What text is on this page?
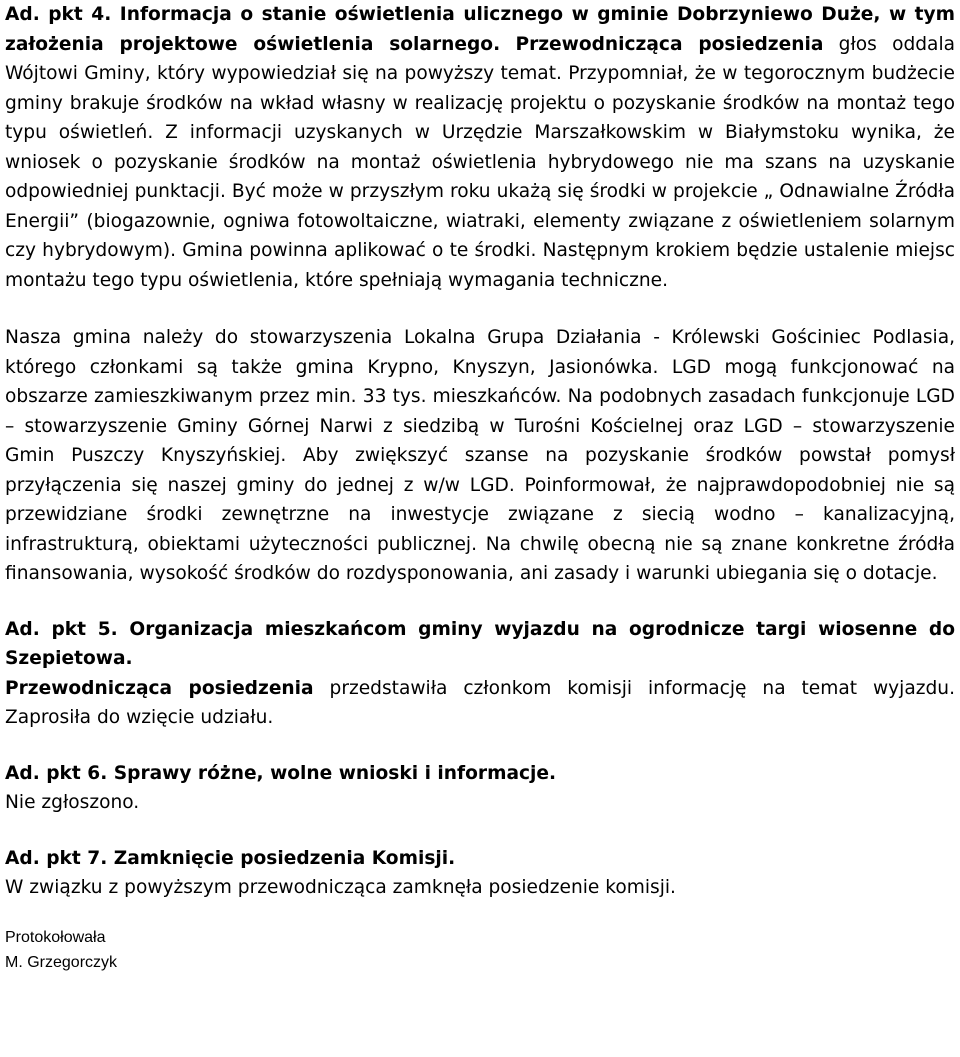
Ad. pkt 4. Informacja o stanie oświetlenia ulicznego w gminie Dobrzyniewo Duże, w tym założenia projektowe oświetlenia solarnego. Przewodnicząca posiedzenia głos oddala Wójtowi Gminy, który wypowiedział się na powyższy temat. Przypomniał, że w tegorocznym budżecie gminy brakuje środków na wkład własny w realizację projektu o pozyskanie środków na montaż tego typu oświetleń. Z informacji uzyskanych w Urzędzie Marszałkowskim w Białymstoku wynika, że wniosek o pozyskanie środków na montaż oświetlenia hybrydowego nie ma szans na uzyskanie odpowiedniej punktacji. Być może w przyszłym roku ukażą się środki w projekcie „ Odnawialne Źródła Energii” (biogazownie, ogniwa fotowoltaiczne, wiatraki, elementy związane z oświetleniem solarnym czy hybrydowym). Gmina powinna aplikować o te środki. Następnym krokiem będzie ustalenie miejsc montażu tego typu oświetlenia, które spełniają wymagania techniczne.

Nasza gmina należy do stowarzyszenia Lokalna Grupa Działania - Królewski Gościniec Podlasia, którego członkami są także gmina Krypno, Knyszyn, Jasionówka. LGD mogą funkcjonować na obszarze zamieszkiwanym przez min. 33 tys. mieszkańców. Na podobnych zasadach funkcjonuje LGD – stowarzyszenie Gminy Górnej Narwi z siedzibą w Turośni Kościelnej oraz LGD – stowarzyszenie Gmin Puszczy Knyszyńskiej. Aby zwiększyć szanse na pozyskanie środków powstał pomysł przyłączenia się naszej gminy do jednej z w/w LGD. Poinformował, że najprawdopodobniej nie są przewidziane środki zewnętrzne na inwestycje związane z siecią wodno – kanalizacyjną, infrastrukturą, obiektami użyteczności publicznej. Na chwilę obecną nie są znane konkretne źródła finansowania, wysokość środków do rozdysponowania, ani zasady i warunki ubiegania się o dotacje.

Ad. pkt 5. Organizacja mieszkańcom gminy wyjazdu na ogrodnicze targi wiosenne do Szepietowa.
Przewodnicząca posiedzenia przedstawiła członkom komisji informację na temat wyjazdu. Zaprosiła do wzięcie udziału.

Ad. pkt 6. Sprawy różne, wolne wnioski i informacje.
Nie zgłoszono.

Ad. pkt 7. Zamknięcie posiedzenia Komisji.
W związku z powyższym przewodnicząca zamknęła posiedzenie komisji.

Protokołowała
M. Grzegorczyk
